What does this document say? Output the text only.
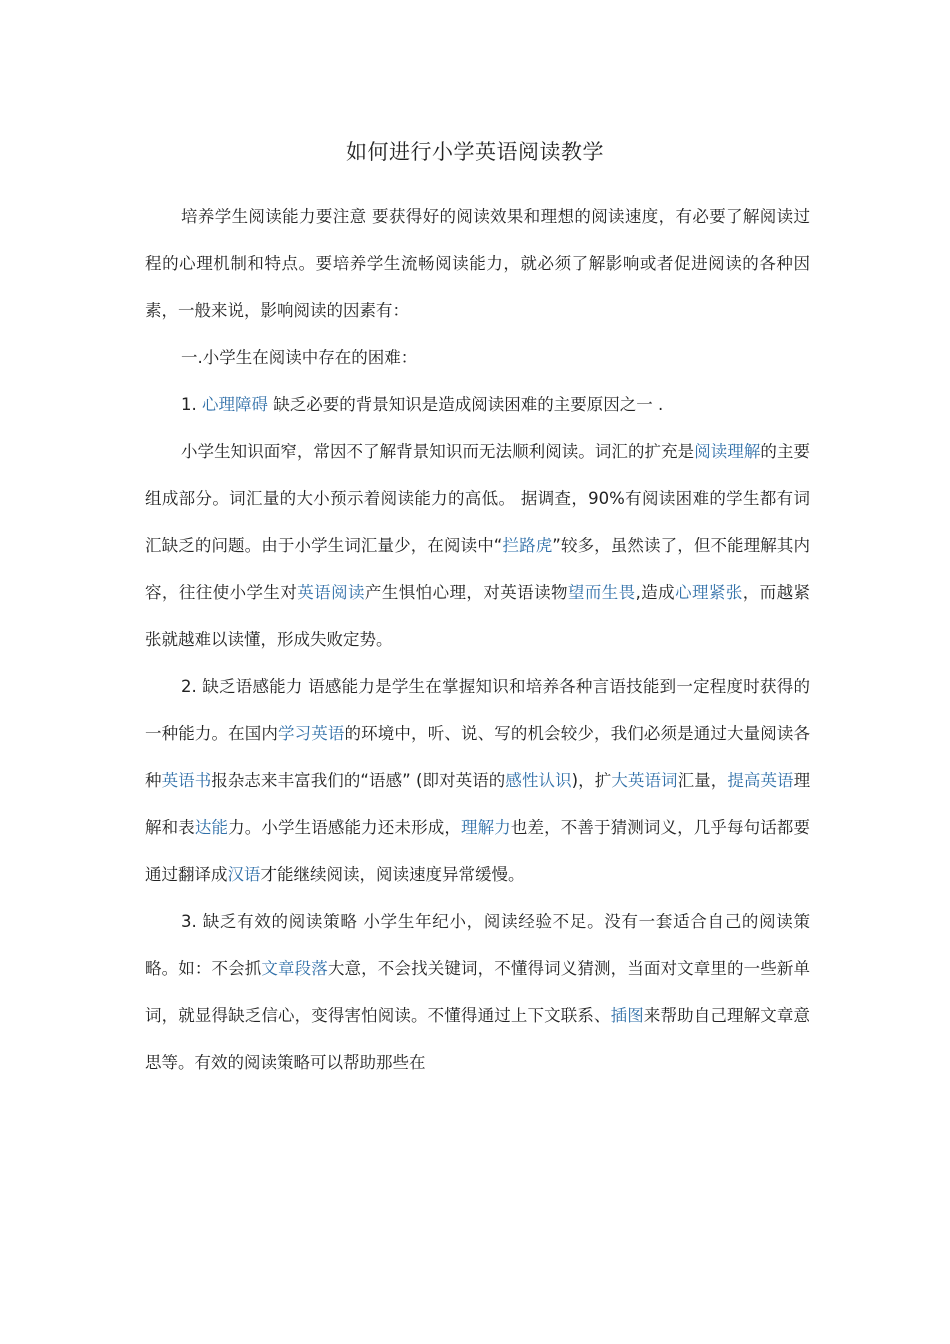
如何进行小学英语阅读教学

培养学生阅读能力要注意 要获得好的阅读效果和理想的阅读速度，有必要了解阅读过程的心理机制和特点。要培养学生流畅阅读能力，就必须了解影响或者促进阅读的各种因素，一般来说，影响阅读的因素有：

一.小学生在阅读中存在的困难：

1. 心理障碍 缺乏必要的背景知识是造成阅读困难的主要原因之一 .

小学生知识面窄，常因不了解背景知识而无法顺利阅读。词汇的扩充是阅读理解的主要组成部分。词汇量的大小预示着阅读能力的高低。 据调查，90%有阅读困难的学生都有词汇缺乏的问题。由于小学生词汇量少，在阅读中“拦路虎”较多，虽然读了，但不能理解其内容，往往使小学生对英语阅读产生惧怕心理，对英语读物望而生畏,造成心理紧张，而越紧张就越难以读懂，形成失败定势。

2. 缺乏语感能力 语感能力是学生在掌握知识和培养各种言语技能到一定程度时获得的一种能力。在国内学习英语的环境中，听、说、写的机会较少，我们必须是通过大量阅读各种英语书报杂志来丰富我们的“语感” (即对英语的感性认识)，扩大英语词汇量，提高英语理解和表达能力。小学生语感能力还未形成，理解力也差，不善于猜测词义，几乎每句话都要通过翻译成汉语才能继续阅读，阅读速度异常缓慢。

3. 缺乏有效的阅读策略 小学生年纪小，阅读经验不足。没有一套适合自己的阅读策略。如：不会抓文章段落大意，不会找关键词，不懂得词义猜测，当面对文章里的一些新单词，就显得缺乏信心，变得害怕阅读。不懂得通过上下文联系、插图来帮助自己理解文章意思等。有效的阅读策略可以帮助那些在
